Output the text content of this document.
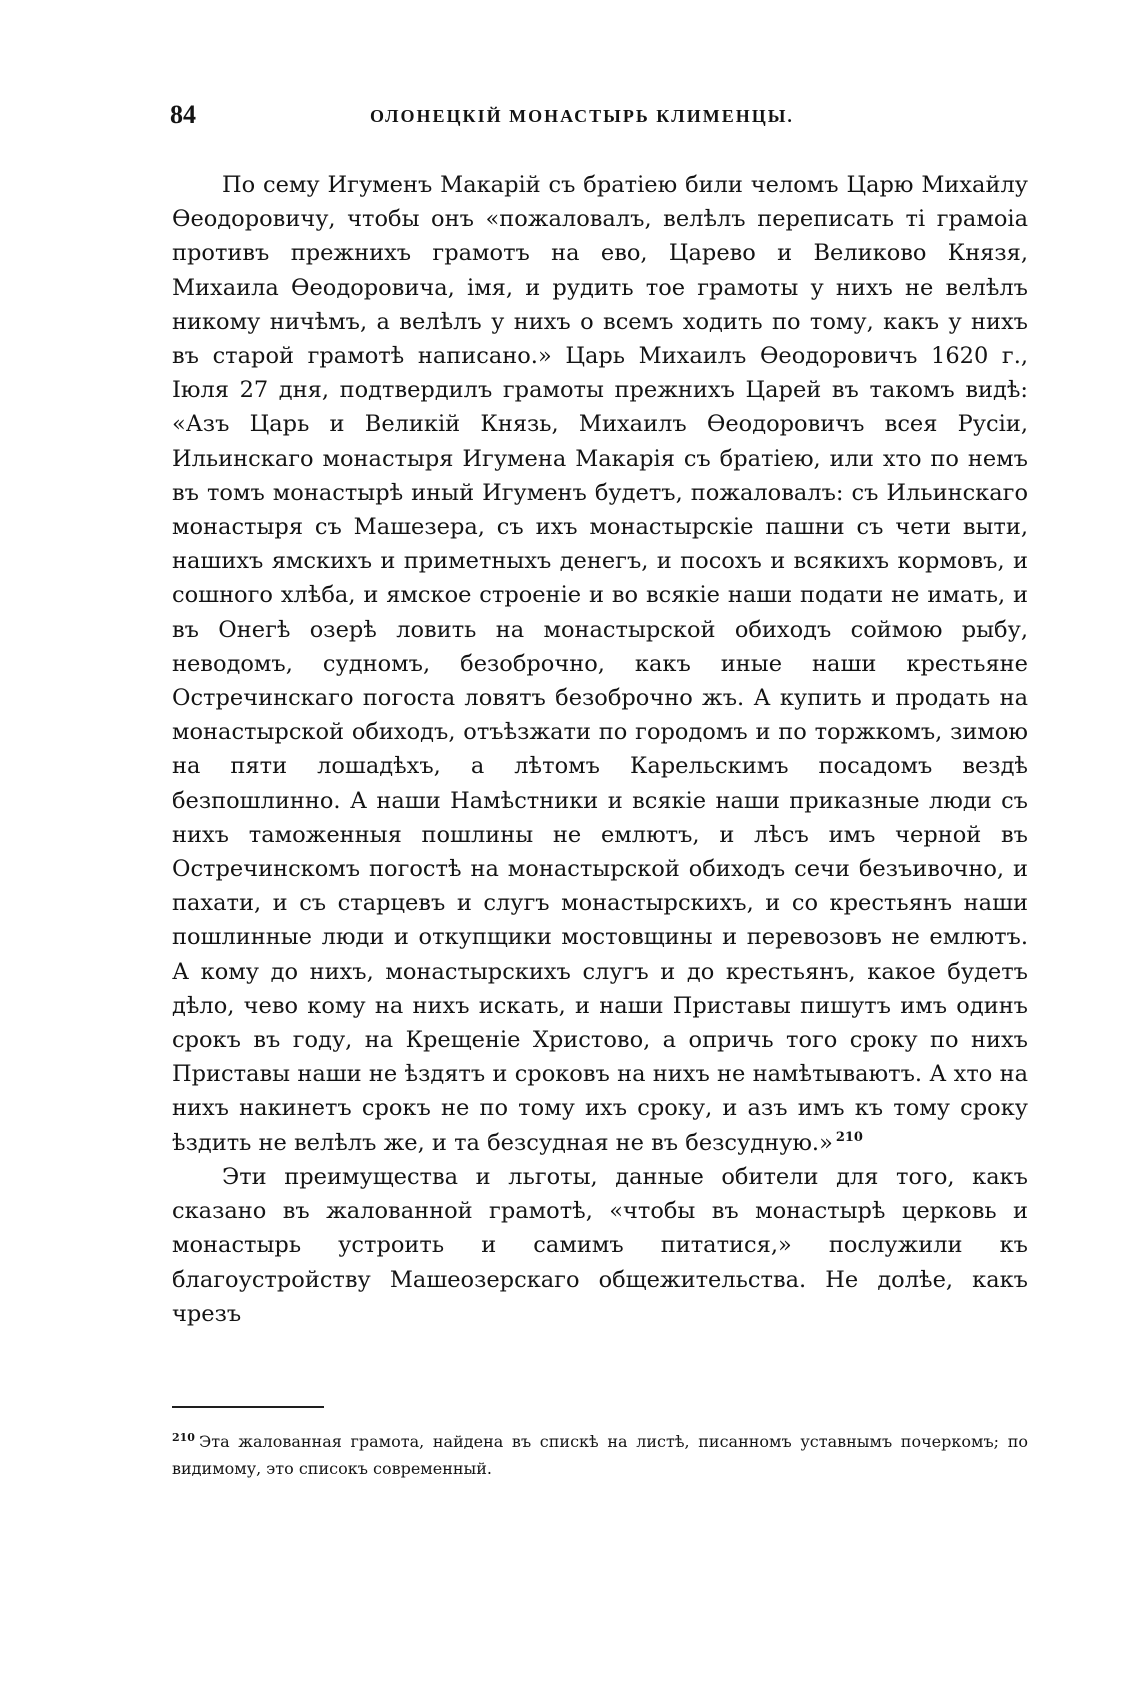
84	ОЛОНЕЦКІЙ МОНАСТЫРЬ КЛИМЕНЦЫ.

По сему Игуменъ Макарій съ братіею били челомъ Царю Михайлу Ѳеодоровичу, чтобы онъ «пожаловалъ, велѣлъ переписать ті грамоіа противъ прежнихъ грамотъ на ево, Царево и Великово Князя, Михаила Ѳеодоровича, імя, и рудить тое грамоты у нихъ не велѣлъ никому ничѣмъ, а велѣлъ у нихъ о всемъ ходить по тому, какъ у нихъ въ старой грамотѣ написано.» Царь Михаилъ Ѳеодоровичъ 1620 г., Іюля 27 дня, подтвердилъ грамоты прежнихъ Царей въ такомъ видѣ: «Азъ Царь и Великій Князь, Михаилъ Ѳеодоровичъ всея Русіи, Ильинскаго монастыря Игумена Макарія съ братіею, или хто по немъ въ томъ монастырѣ иный Игуменъ будетъ, пожаловалъ: съ Ильинскаго монастыря съ Машезера, съ ихъ монастырскіе пашни съ чети выти, нашихъ ямскихъ и приметныхъ денегъ, и посохъ и всякихъ кормовъ, и сошного хлѣба, и ямское строеніе и во всякіе наши подати не имать, и въ Онегѣ озерѣ ловить на монастырской обиходъ соймою рыбу, неводомъ, судномъ, безоброчно, какъ иные наши крестьяне Остречинскаго погоста ловятъ безоброчно жъ. А купить и продать на монастырской обиходъ, отъѣзжати по городомъ и по торжкомъ, зимою на пяти лошадѣхъ, а лѣтомъ Карельскимъ посадомъ вездѣ безпошлинно. А наши Намѣстники и всякіе наши приказные люди съ нихъ таможенныя пошлины не емлютъ, и лѣсъ имъ черной въ Остречинскомъ погостѣ на монастырской обиходъ сечи безъивочно, и пахати, и съ старцевъ и слугъ монастырскихъ, и со крестьянъ наши пошлинные люди и откупщики мостовщины и перевозовъ не емлютъ. А кому до нихъ, монастырскихъ слугъ и до крестьянъ, какое будетъ дѣло, чево кому на нихъ искать, и наши Приставы пишутъ имъ одинъ срокъ въ году, на Крещеніе Христово, а опричь того сроку по нихъ Приставы наши не ѣздятъ и сроковъ на нихъ не намѣтываютъ. А хто на нихъ накинетъ срокъ не по тому ихъ сроку, и азъ имъ къ тому сроку ѣздить не велѣлъ же, и та безсудная не въ безсудную.» $^{210}$

Эти преимущества и льготы, данные обители для того, какъ сказано въ жалованной грамотѣ, «чтобы въ монастырѣ церковь и монастырь устроить и самимъ питатися,» послужили къ благоустройству Машеозерскаго общежительства. Не долѣе, какъ чрезъ

$^{210}$ Эта жалованная грамота, найдена въ спискѣ на листѣ, писанномъ уставнымъ почеркомъ; по видимому, это списокъ современный.
